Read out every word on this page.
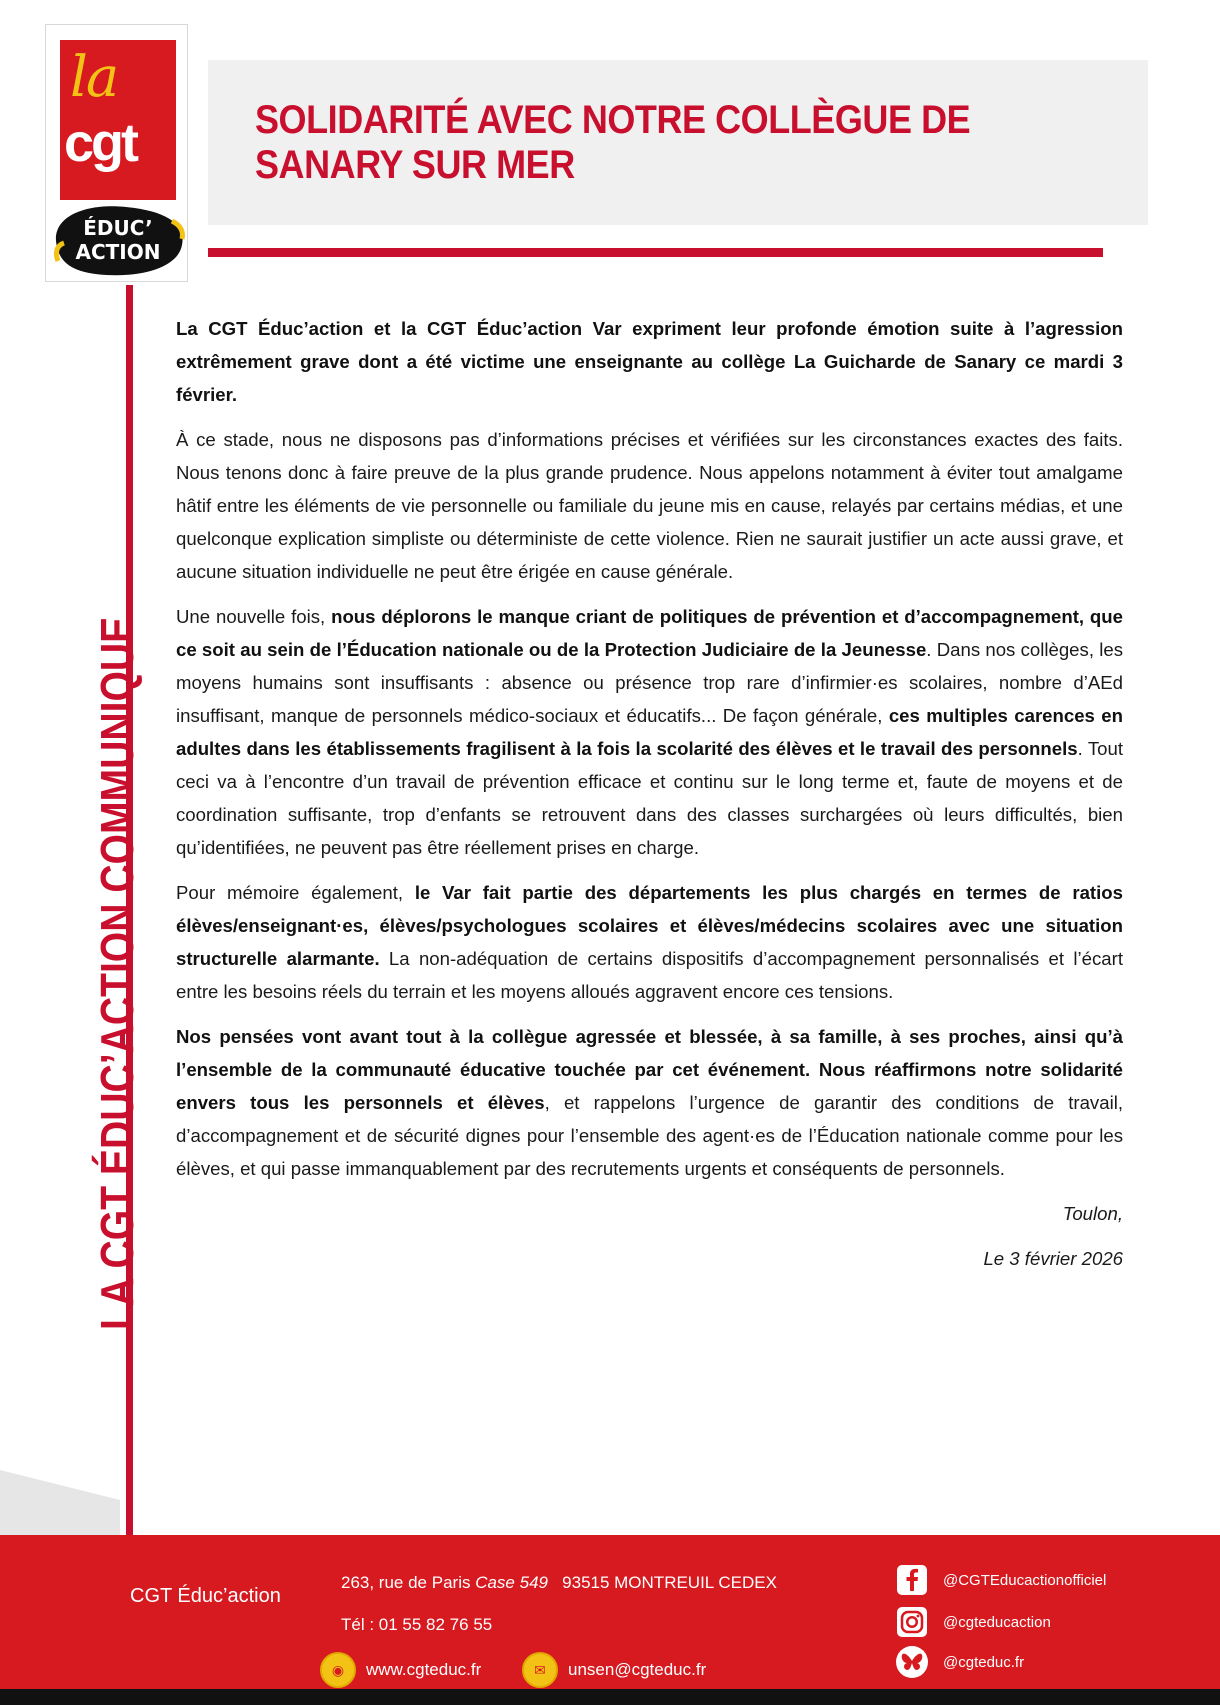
la
cgt
ÉDUC’
ACTION
SOLIDARITÉ AVEC NOTRE COLLÈGUE DE SANARY SUR MER
LA CGT ÉDUC’ACTION COMMUNIQUE…

La CGT Éduc’action et la CGT Éduc’action Var expriment leur profonde émotion suite à l’agression extrêmement grave dont a été victime une enseignante au collège La Guicharde de Sanary ce mardi 3 février.

À ce stade, nous ne disposons pas d’informations précises et vérifiées sur les circonstances exactes des faits. Nous tenons donc à faire preuve de la plus grande prudence. Nous appelons notamment à éviter tout amalgame hâtif entre les éléments de vie personnelle ou familiale du jeune mis en cause, relayés par certains médias, et une quelconque explication simpliste ou déterministe de cette violence. Rien ne saurait justifier un acte aussi grave, et aucune situation individuelle ne peut être érigée en cause générale.

Une nouvelle fois, nous déplorons le manque criant de politiques de prévention et d’accompagnement, que ce soit au sein de l’Éducation nationale ou de la Protection Judiciaire de la Jeunesse. Dans nos collèges, les moyens humains sont insuffisants : absence ou présence trop rare d’infirmier·es scolaires, nombre d’AEd insuffisant, manque de personnels médico-sociaux et éducatifs... De façon générale, ces multiples carences en adultes dans les établissements fragilisent à la fois la scolarité des élèves et le travail des personnels. Tout ceci va à l’encontre d’un travail de prévention efficace et continu sur le long terme et, faute de moyens et de coordination suffisante, trop d’enfants se retrouvent dans des classes surchargées où leurs difficultés, bien qu’identifiées, ne peuvent pas être réellement prises en charge.

Pour mémoire également, le Var fait partie des départements les plus chargés en termes de ratios élèves/enseignant·es, élèves/psychologues scolaires et élèves/médecins scolaires avec une situation structurelle alarmante. La non-adéquation de certains dispositifs d’accompagnement personnalisés et l’écart entre les besoins réels du terrain et les moyens alloués aggravent encore ces tensions.

Nos pensées vont avant tout à la collègue agressée et blessée, à sa famille, à ses proches, ainsi qu’à l’ensemble de la communauté éducative touchée par cet événement. Nous réaffirmons notre solidarité envers tous les personnels et élèves, et rappelons l’urgence de garantir des conditions de travail, d’accompagnement et de sécurité dignes pour l’ensemble des agent·es de l’Éducation nationale comme pour les élèves, et qui passe immanquablement par des recrutements urgents et conséquents de personnels.

Toulon,
Le 3 février 2026
CGT Éduc’action
263, rue de Paris Case 549   93515 MONTREUIL CEDEX
Tél : 01 55 82 76 55
◉	www.cgteduc.fr	✉	unsen@cgteduc.fr
@CGTEducactionofficiel
@cgteducaction
@cgteduc.fr
